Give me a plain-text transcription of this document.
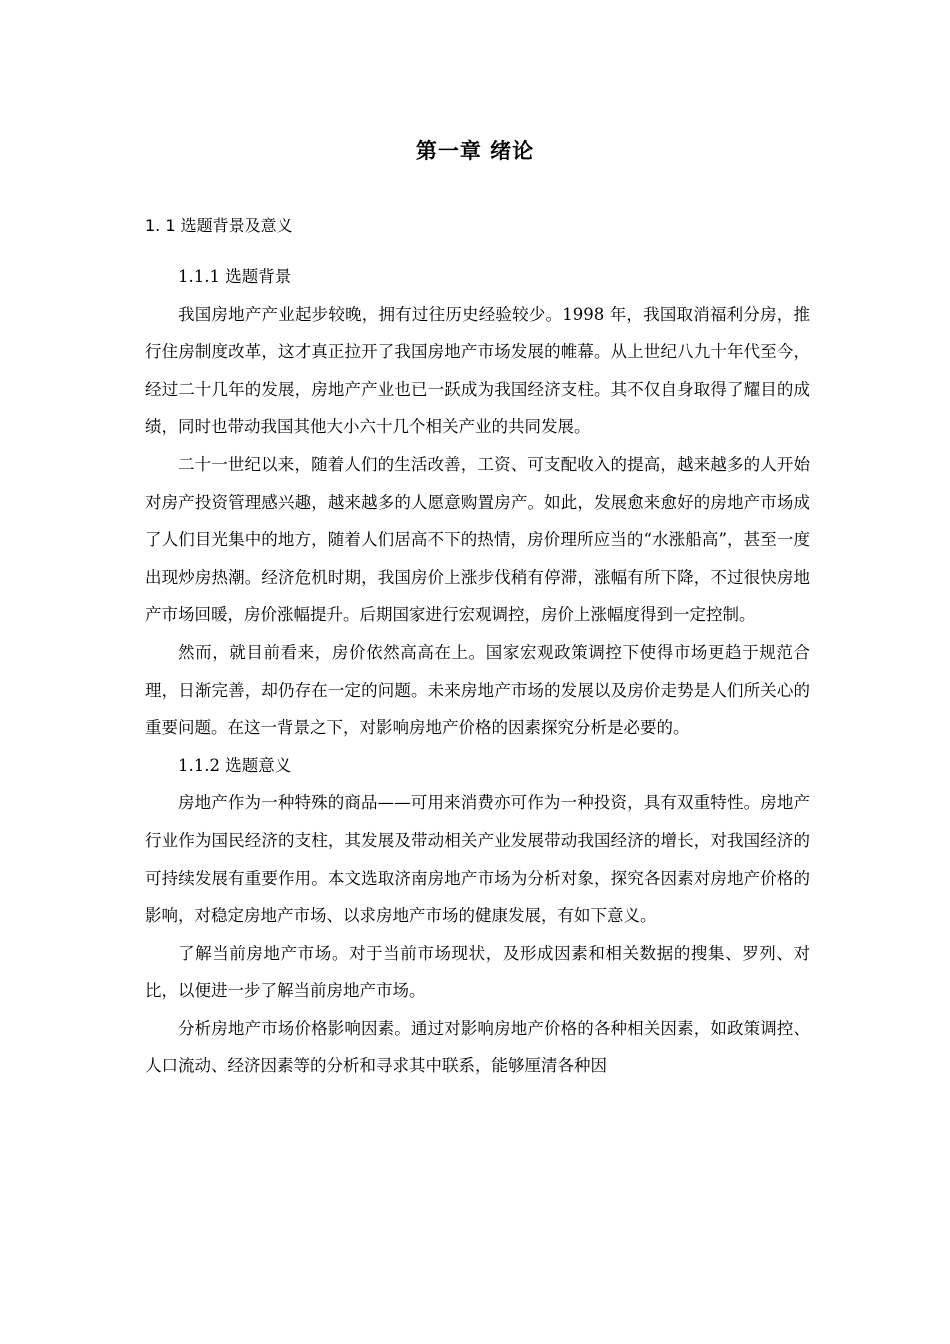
第一章 绪论
1. 1 选题背景及意义

1.1.1 选题背景

我国房地产产业起步较晚，拥有过往历史经验较少。1998 年，我国取消福利分房，推行住房制度改革，这才真正拉开了我国房地产市场发展的帷幕。从上世纪八九十年代至今，经过二十几年的发展，房地产产业也已一跃成为我国经济支柱。其不仅自身取得了耀目的成绩，同时也带动我国其他大小六十几个相关产业的共同发展。

二十一世纪以来，随着人们的生活改善，工资、可支配收入的提高，越来越多的人开始对房产投资管理感兴趣，越来越多的人愿意购置房产。如此，发展愈来愈好的房地产市场成了人们目光集中的地方，随着人们居高不下的热情，房价理所应当的“水涨船高”，甚至一度出现炒房热潮。经济危机时期，我国房价上涨步伐稍有停滞，涨幅有所下降，不过很快房地产市场回暖，房价涨幅提升。后期国家进行宏观调控，房价上涨幅度得到一定控制。

然而，就目前看来，房价依然高高在上。国家宏观政策调控下使得市场更趋于规范合理，日渐完善，却仍存在一定的问题。未来房地产市场的发展以及房价走势是人们所关心的重要问题。在这一背景之下，对影响房地产价格的因素探究分析是必要的。

1.1.2 选题意义

房地产作为一种特殊的商品——可用来消费亦可作为一种投资，具有双重特性。房地产行业作为国民经济的支柱，其发展及带动相关产业发展带动我国经济的增长，对我国经济的可持续发展有重要作用。本文选取济南房地产市场为分析对象，探究各因素对房地产价格的影响，对稳定房地产市场、以求房地产市场的健康发展，有如下意义。

了解当前房地产市场。对于当前市场现状，及形成因素和相关数据的搜集、罗列、对比，以便进一步了解当前房地产市场。

分析房地产市场价格影响因素。通过对影响房地产价格的各种相关因素，如政策调控、人口流动、经济因素等的分析和寻求其中联系，能够厘清各种因
